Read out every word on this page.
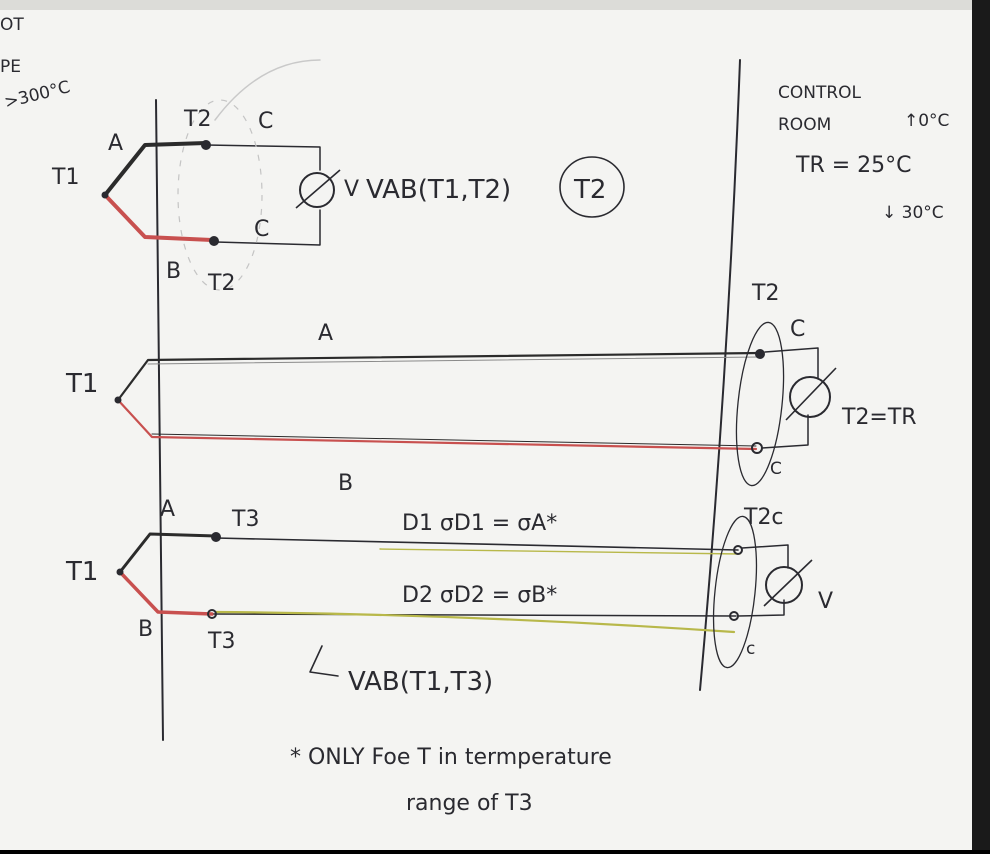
OT
PE
>300°C
T1
A
B
T2
T2
C
C
V VAB(T1,T2) T2
CONTROL
ROOM	↑0°C
TR = 25°C
↓ 30°C
T1
A
B
T2
C
C
T2=TR
T1
A
B
T3
T3
D1 σD1 = σA*
D2 σD2 = σB*
T2c
c
V
VAB(T1,T3)
* ONLY Foe T in termperature
range of T3
